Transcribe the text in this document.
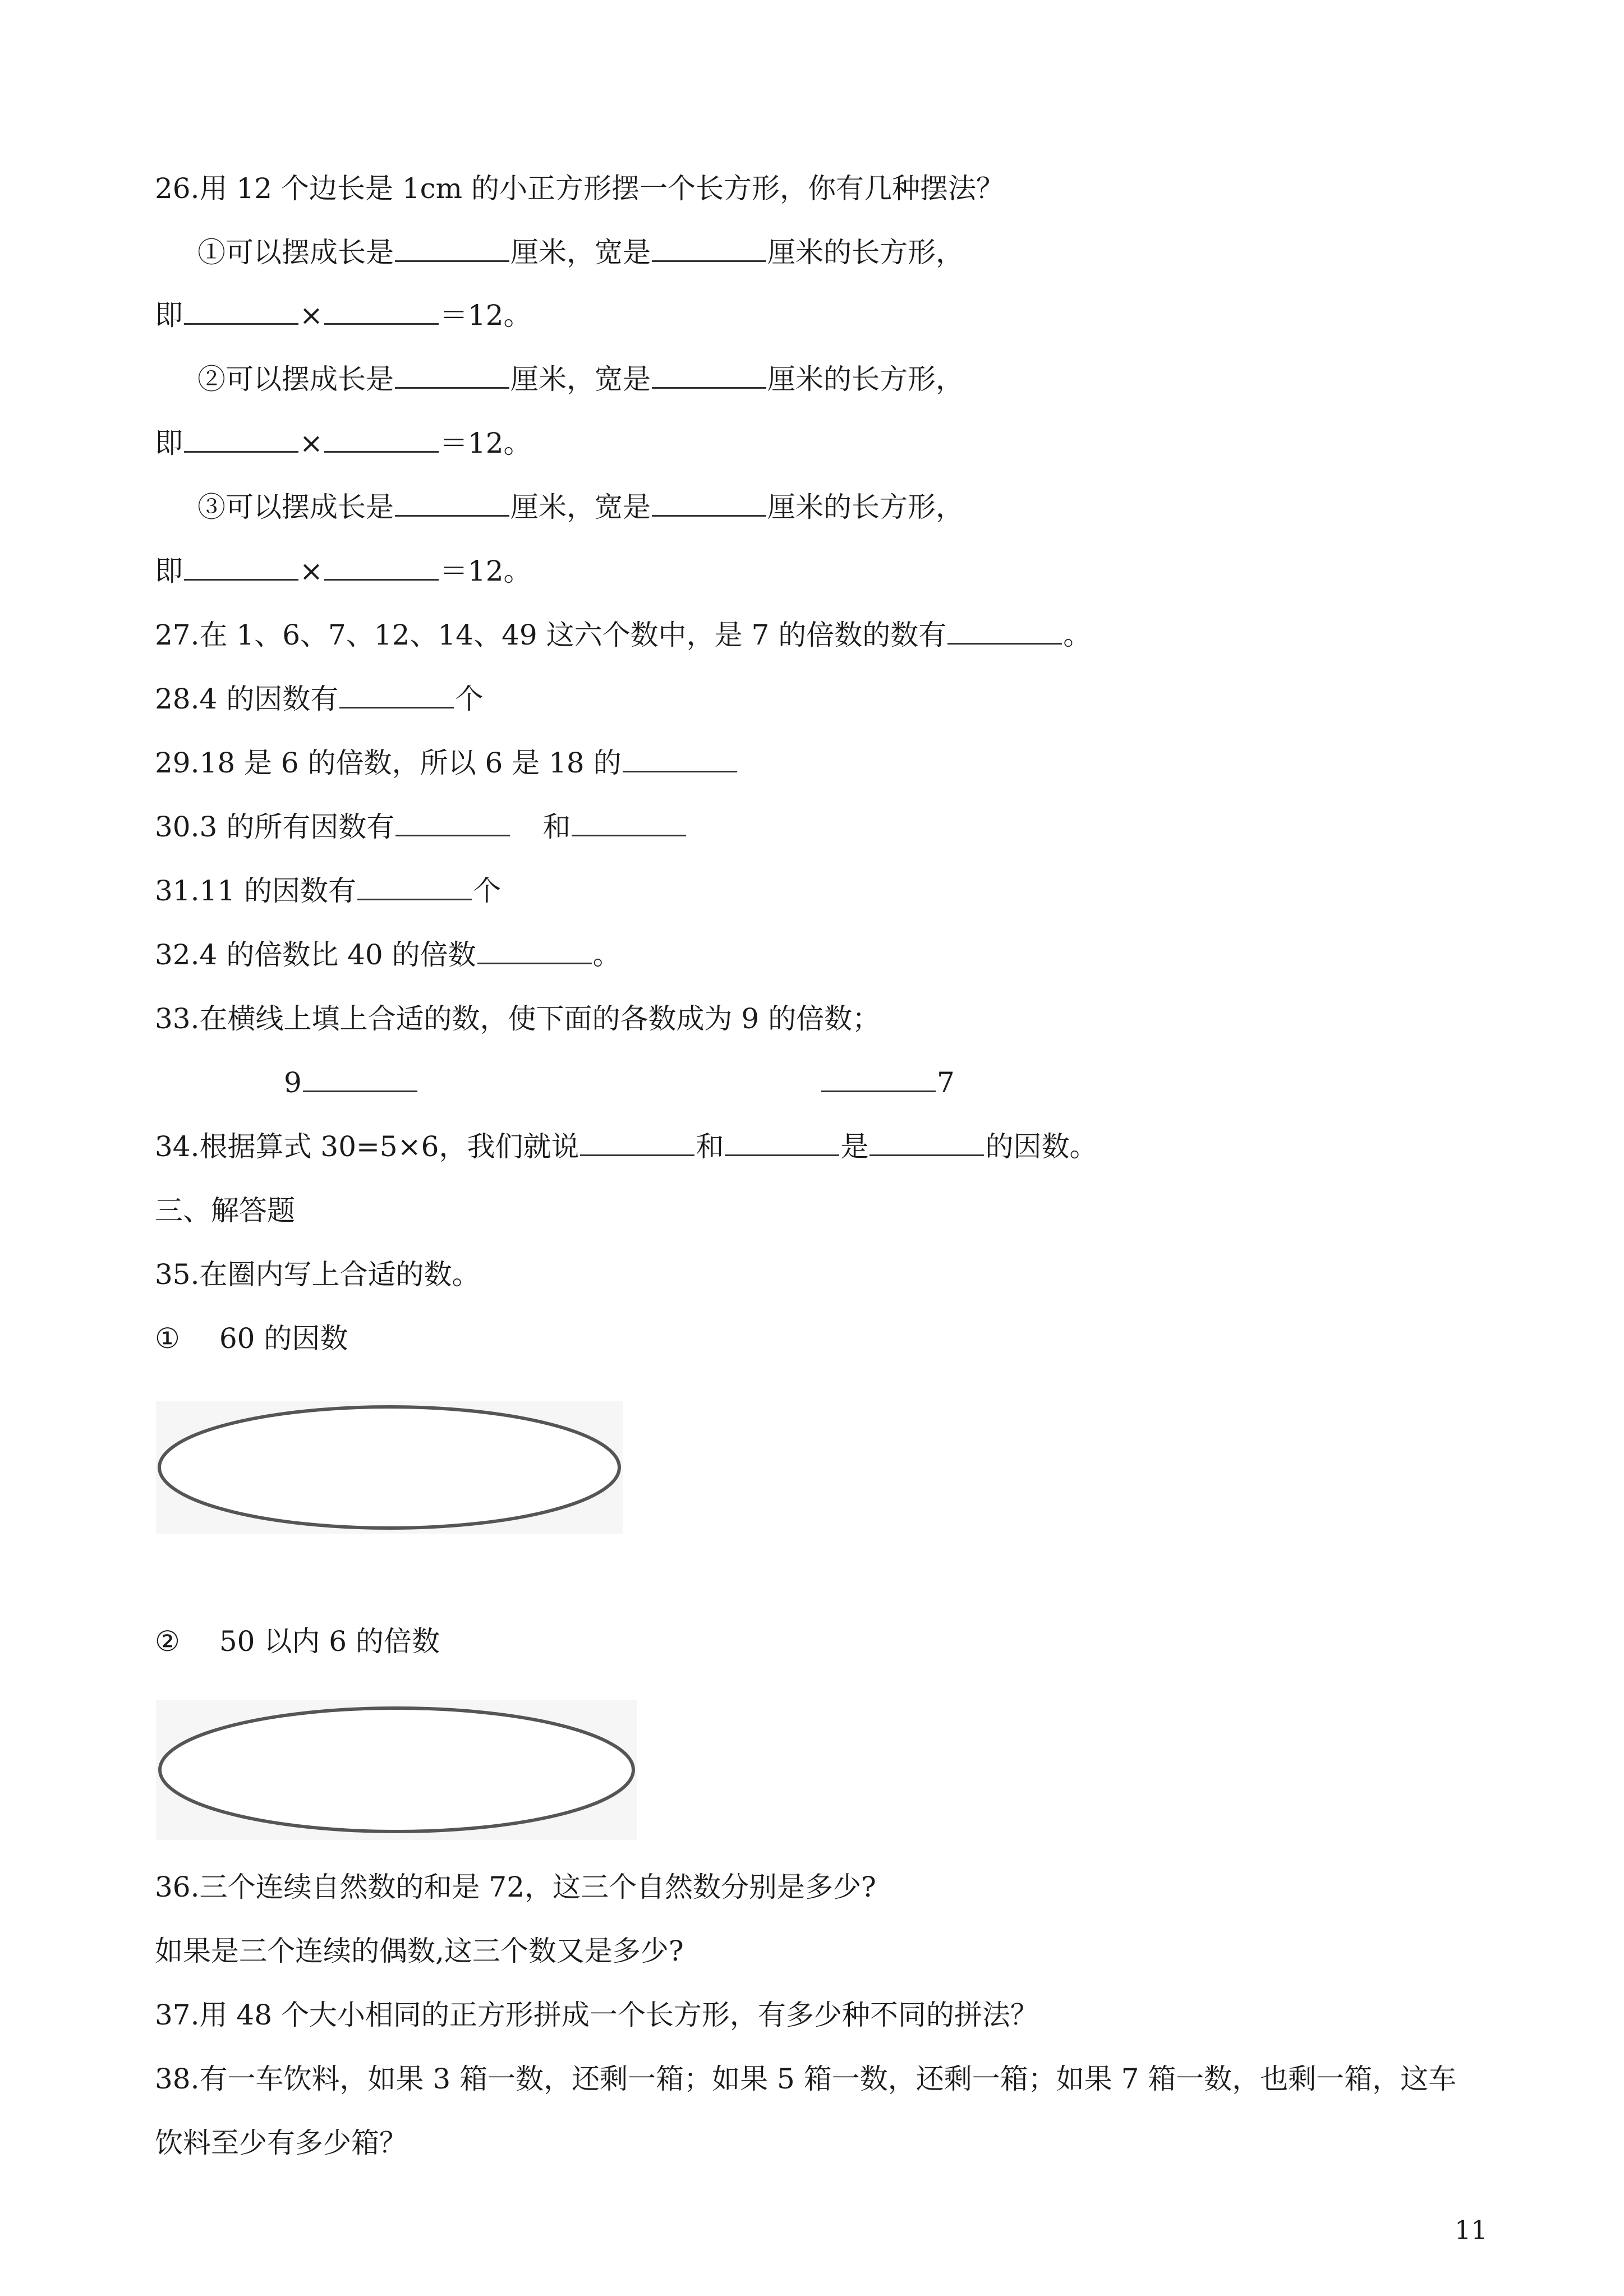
26.用 12 个边长是 1cm 的小正方形摆一个长方形，你有几种摆法？
①可以摆成长是	厘米，宽是	厘米的长方形，
即	×	＝12。
②可以摆成长是	厘米，宽是	厘米的长方形，
即	×	＝12。
③可以摆成长是	厘米，宽是	厘米的长方形，
即	×	＝12。
27.在 1、6、7、12、14、49 这六个数中，是 7 的倍数的数有	。
28.4 的因数有	个
29.18 是 6 的倍数，所以 6 是 18 的
30.3 的所有因数有	和
31.11 的因数有	个
32.4 的倍数比 40 的倍数	。
33.在横线上填上合适的数，使下面的各数成为 9 的倍数；
9	7
34.根据算式 30=5×6，我们就说	和	是	的因数。
三、解答题
35.在圈内写上合适的数。
① 60 的因数
② 50 以内 6 的倍数
36.三个连续自然数的和是 72，这三个自然数分别是多少?
如果是三个连续的偶数,这三个数又是多少?
37.用 48 个大小相同的正方形拼成一个长方形，有多少种不同的拼法？
38.有一车饮料，如果 3 箱一数，还剩一箱；如果 5 箱一数，还剩一箱；如果 7 箱一数，也剩一箱，这车
饮料至少有多少箱？
11
